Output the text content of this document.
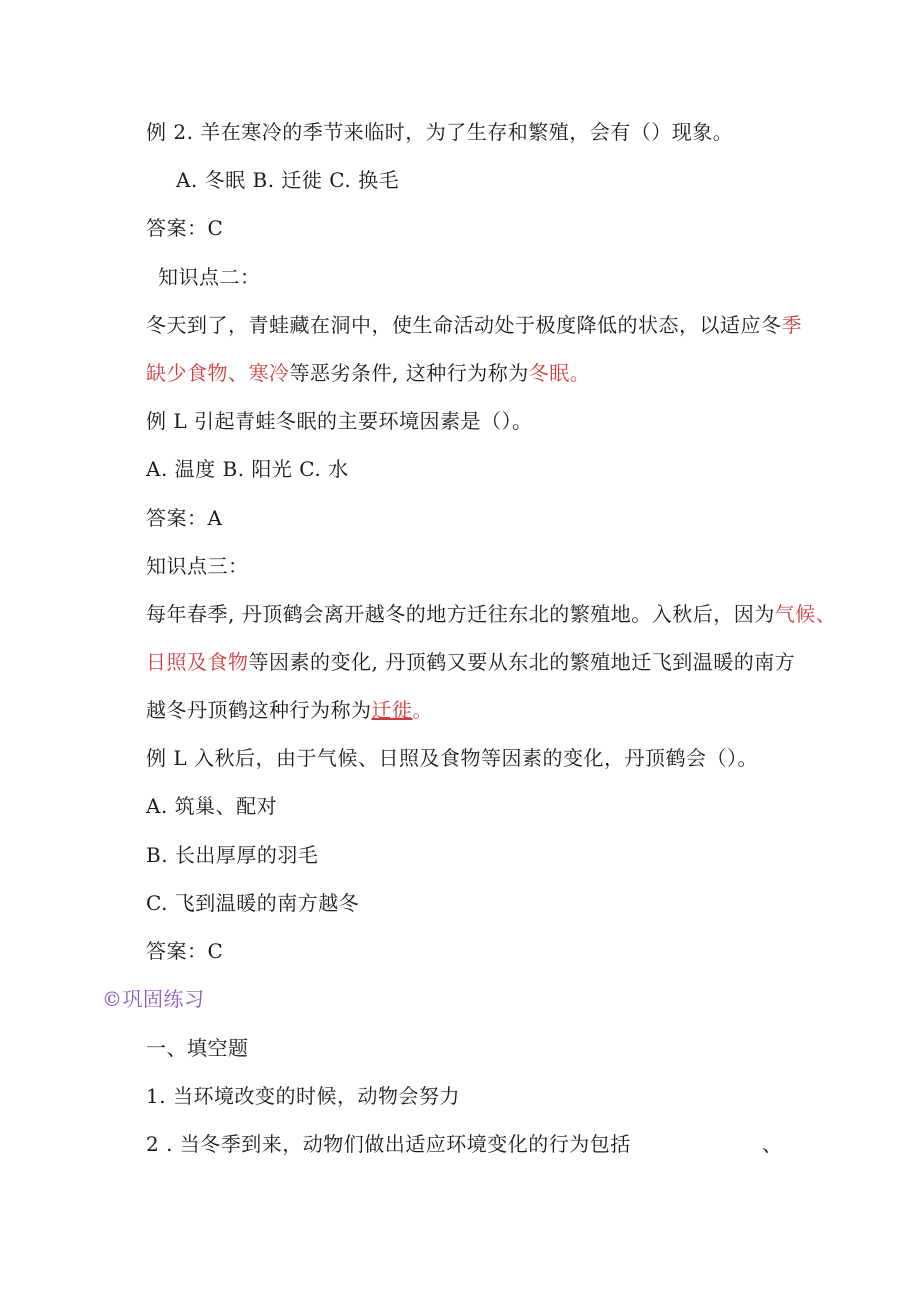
例 2. 羊在寒冷的季节来临时，为了生存和繁殖，会有（）现象。
A. 冬眠 B. 迁徙 C. 换毛
答案：C
知识点二：
冬天到了，青蛙藏在洞中，使生命活动处于极度降低的状态，以适应冬季
缺少食物、寒冷等恶劣条件, 这种行为称为冬眠。
例 L 引起青蛙冬眠的主要环境因素是（）。
A. 温度 B. 阳光 C. 水
答案：A
知识点三：
每年春季, 丹顶鹤会离开越冬的地方迁往东北的繁殖地。入秋后，因为气候、
日照及食物等因素的变化, 丹顶鹤又要从东北的繁殖地迁飞到温暖的南方
越冬丹顶鹤这种行为称为迁徙。
例 L 入秋后，由于气候、日照及食物等因素的变化，丹顶鹤会（）。
A. 筑巢、配对
B. 长出厚厚的羽毛
C. 飞到温暖的南方越冬
答案：C
©巩固练习
一、填空题
1. 当环境改变的时候，动物会努力
2 . 当冬季到来，动物们做出适应环境变化的行为包括	、
